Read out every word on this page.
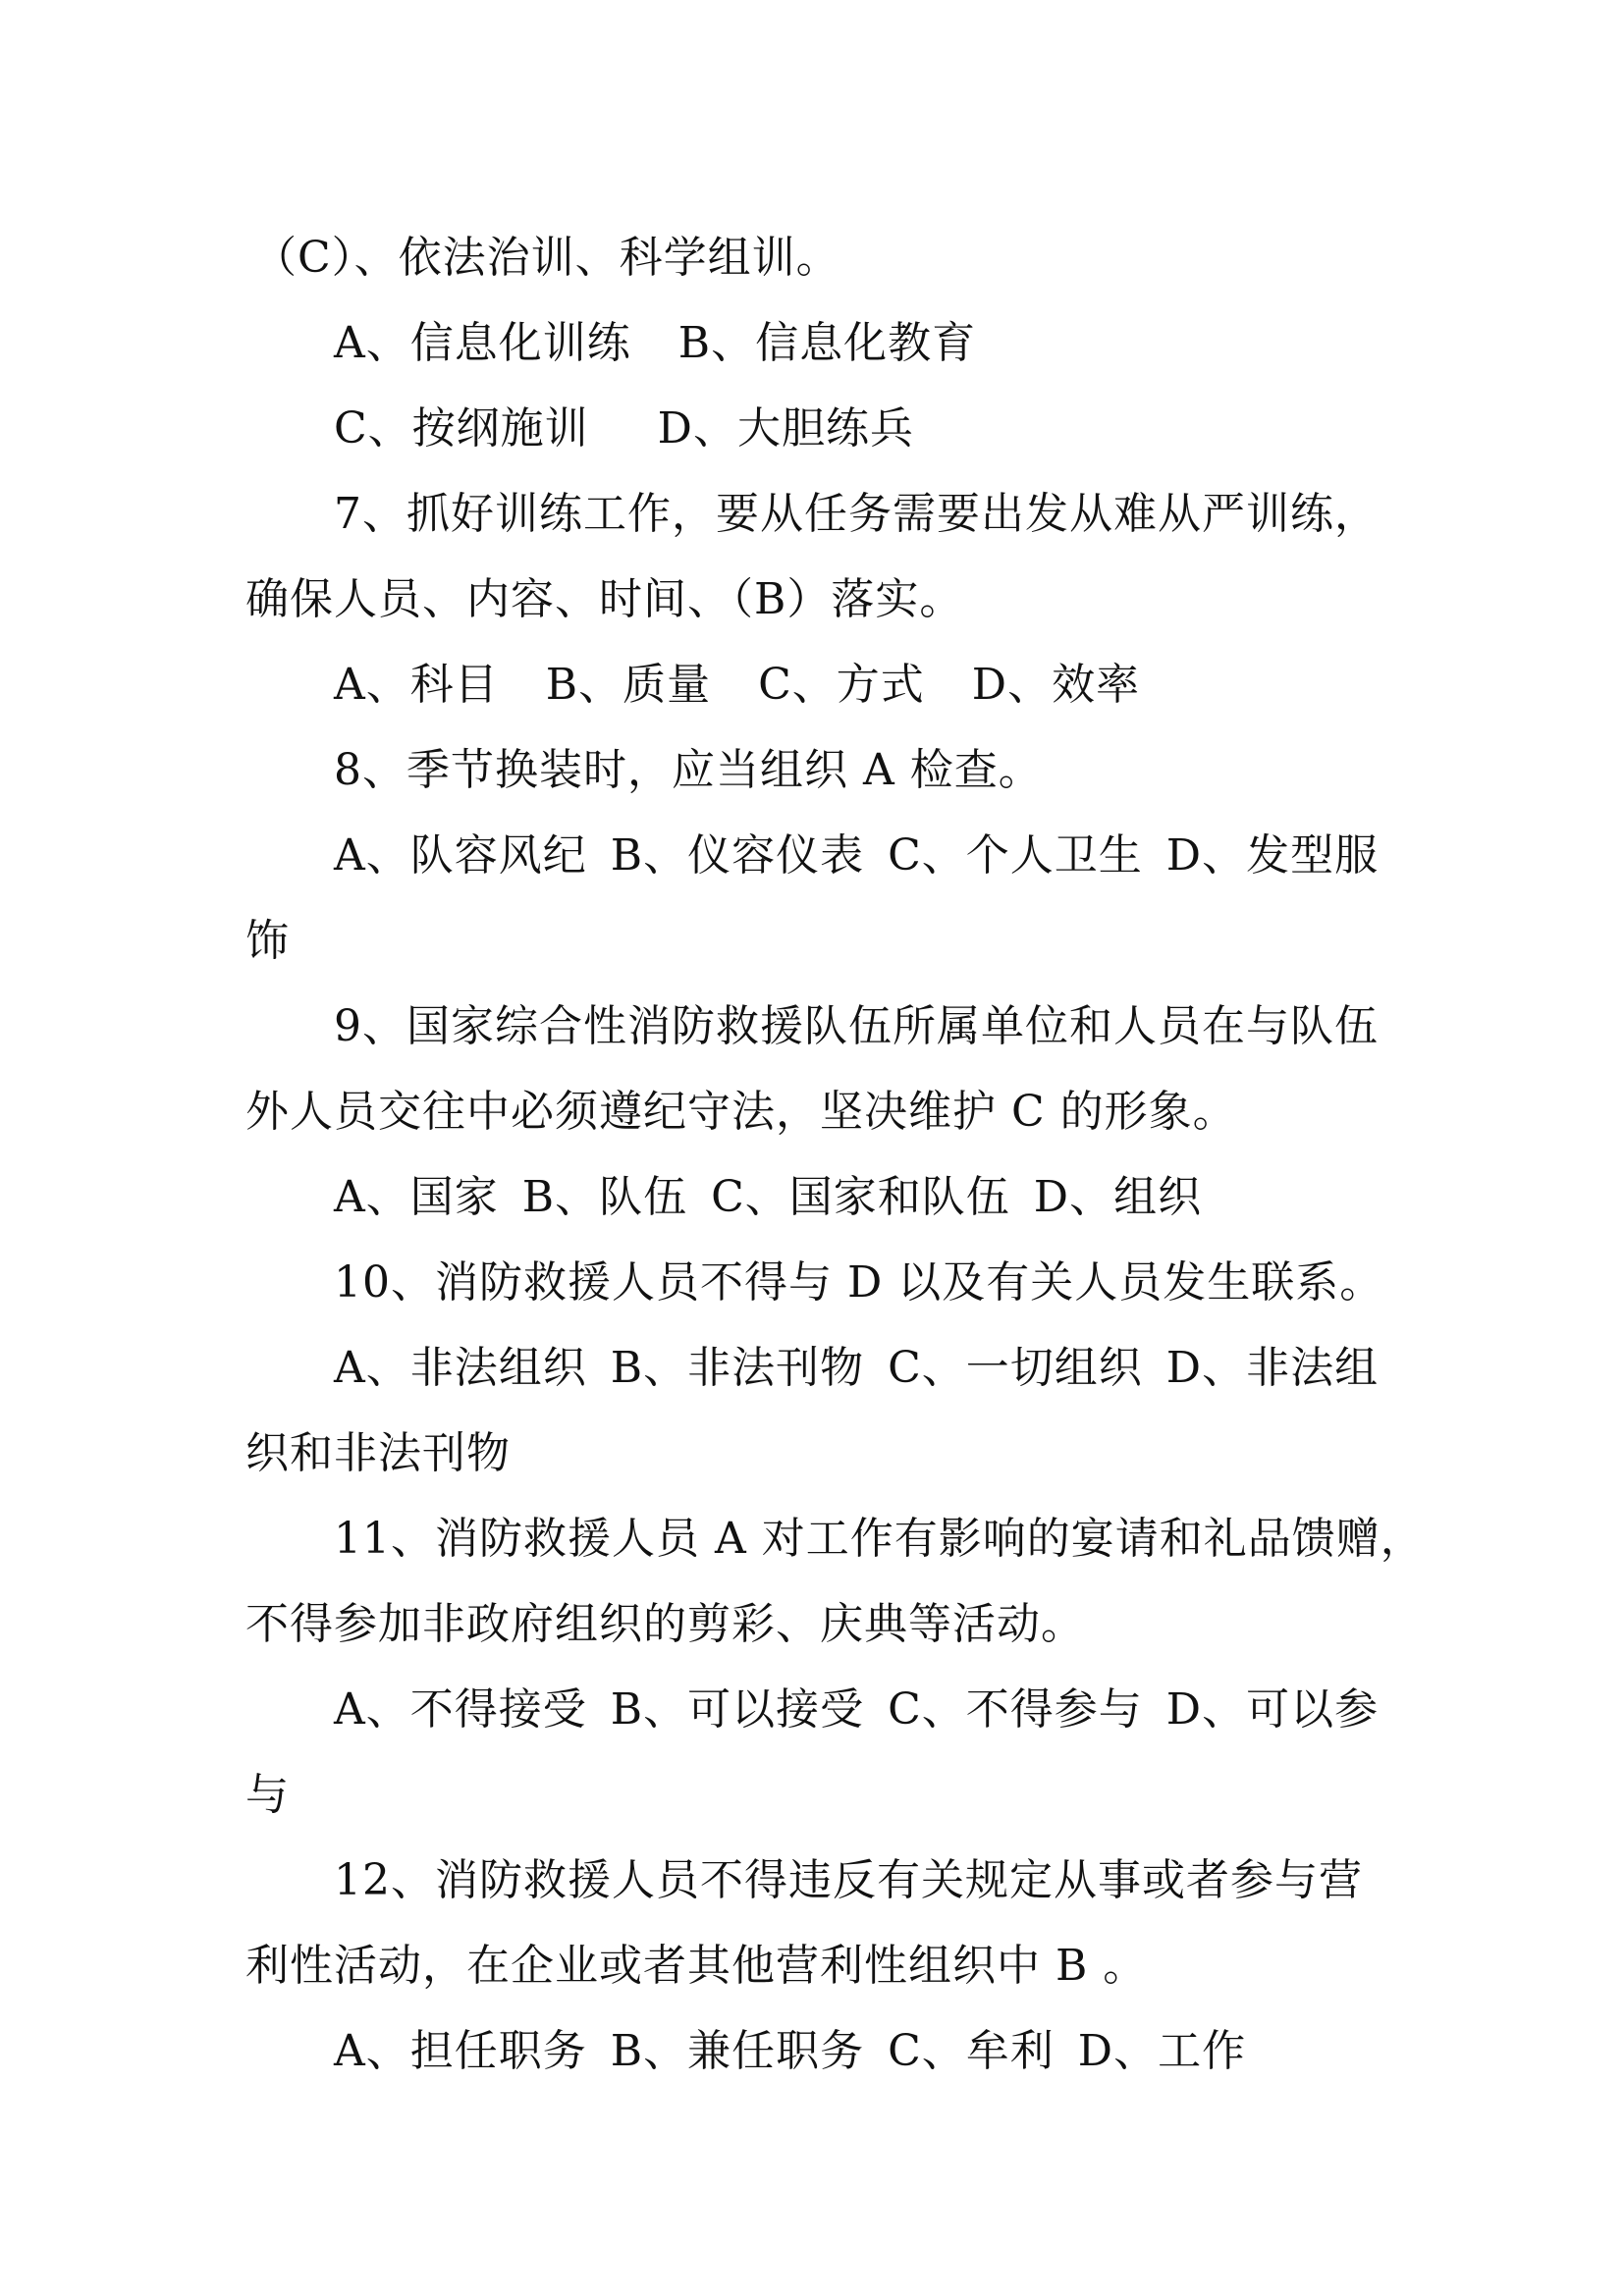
（C）、依法治训、科学组训。
A、信息化训练 B、信息化教育
C、按纲施训 D、大胆练兵
7、抓好训练工作，要从任务需要出发从难从严训练，
确保人员、内容、时间、（B）落实。
A、科目 B、质量 C、方式 D、效率
8、季节换装时，应当组织 A 检查。
A、队容风纪 B、仪容仪表 C、个人卫生 D、发型服
饰
9、国家综合性消防救援队伍所属单位和人员在与队伍
外人员交往中必须遵纪守法，坚决维护 C 的形象。
A、国家 B、队伍 C、国家和队伍 D、组织
10、消防救援人员不得与 D 以及有关人员发生联系。
A、非法组织 B、非法刊物 C、一切组织 D、非法组
织和非法刊物
11、消防救援人员 A 对工作有影响的宴请和礼品馈赠，
不得参加非政府组织的剪彩、庆典等活动。
A、不得接受 B、可以接受 C、不得参与 D、可以参
与
12、消防救援人员不得违反有关规定从事或者参与营
利性活动，在企业或者其他营利性组织中 B 。
A、担任职务 B、兼任职务 C、牟利 D、工作
